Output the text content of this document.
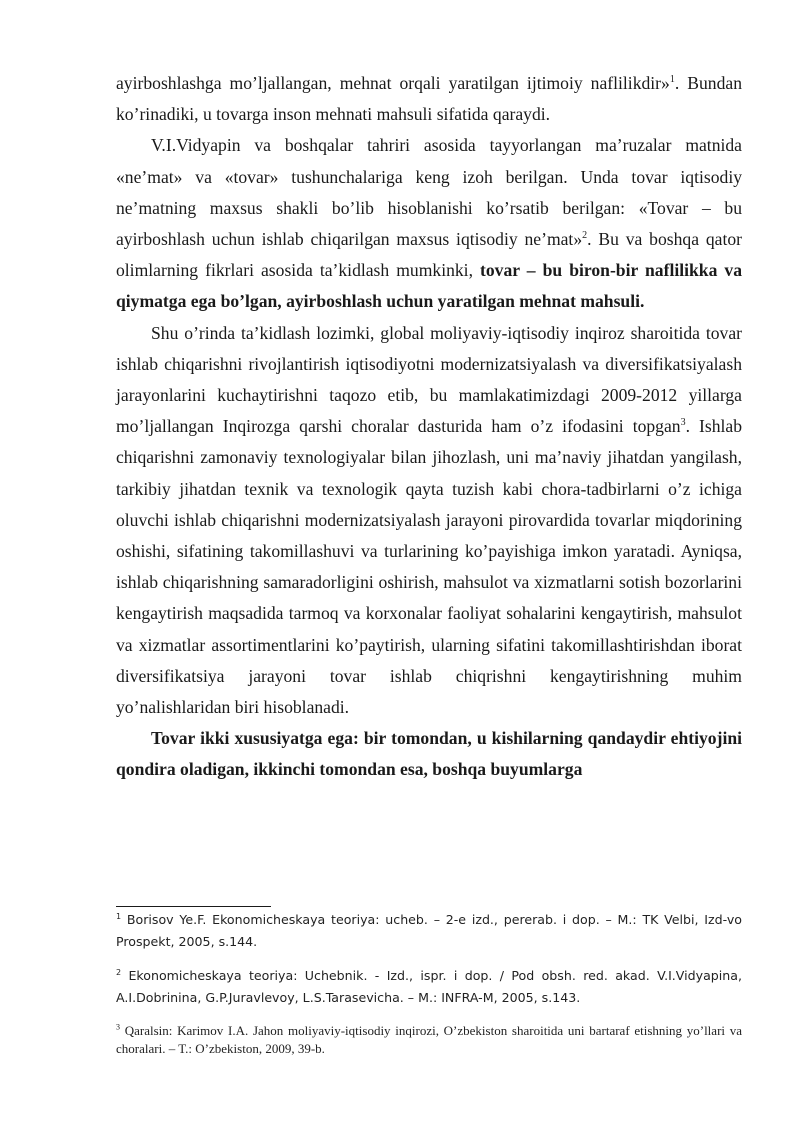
ayirboshlashga mo’ljallangan, mehnat orqali yaratilgan ijtimoiy naflilikdir»$^1$. Bundan ko’rinadiki, u tovarga inson mehnati mahsuli sifatida qaraydi.

V.I.Vidyapin va boshqalar tahriri asosida tayyorlangan ma’ruzalar matnida «ne’mat» va «tovar» tushunchalariga keng izoh berilgan. Unda tovar iqtisodiy ne’matning maxsus shakli bo’lib hisoblanishi ko’rsatib berilgan: «Tovar – bu ayirboshlash uchun ishlab chiqarilgan maxsus iqtisodiy ne’mat»$^2$. Bu va boshqa qator olimlarning fikrlari asosida ta’kidlash mumkinki, tovar – bu biron-bir naflilikka va qiymatga ega bo’lgan, ayirboshlash uchun yaratilgan mehnat mahsuli.

Shu o’rinda ta’kidlash lozimki, global moliyaviy-iqtisodiy inqiroz sharoitida tovar ishlab chiqarishni rivojlantirish iqtisodiyotni modernizatsiyalash va diversifikatsiyalash jarayonlarini kuchaytirishni taqozo etib, bu mamlakatimizdagi 2009-2012 yillarga mo’ljallangan Inqirozga qarshi choralar dasturida ham o’z ifodasini topgan$^3$. Ishlab chiqarishni zamonaviy texnologiyalar bilan jihozlash, uni ma’naviy jihatdan yangilash, tarkibiy jihatdan texnik va texnologik qayta tuzish kabi chora-tadbirlarni o’z ichiga oluvchi ishlab chiqarishni modernizatsiyalash jarayoni pirovardida tovarlar miqdorining oshishi, sifatining takomillashuvi va turlarining ko’payishiga imkon yaratadi. Ayniqsa, ishlab chiqarishning samaradorligini oshirish, mahsulot va xizmatlarni sotish bozorlarini kengaytirish maqsadida tarmoq va korxonalar faoliyat sohalarini kengaytirish, mahsulot va xizmatlar assortimentlarini ko’paytirish, ularning sifatini takomillashtirishdan iborat diversifikatsiya jarayoni tovar ishlab chiqrishni kengaytirishning muhim yo’nalishlaridan biri hisoblanadi.

Tovar ikki xususiyatga ega: bir tomondan, u kishilarning qandaydir ehtiyojini qondira oladigan, ikkinchi tomondan esa, boshqa buyumlarga

$^1$ Borisov Ye.F. Ekonomicheskaya teoriya: ucheb. – 2-e izd., pererab. i dop. – M.: TK Velbi, Izd-vo Prospekt, 2005, s.144.
$^2$ Ekonomicheskaya teoriya: Uchebnik. - Izd., ispr. i dop. / Pod obsh. red. akad. V.I.Vidyapina, A.I.Dobrinina, G.P.Juravlevoy, L.S.Tarasevicha. – M.: INFRA-M, 2005, s.143.
$^3$ Qaralsin: Karimov I.A. Jahon moliyaviy-iqtisodiy inqirozi, O’zbekiston sharoitida uni bartaraf etishning yo’llari va choralari. – T.: O’zbekiston, 2009, 39-b.
